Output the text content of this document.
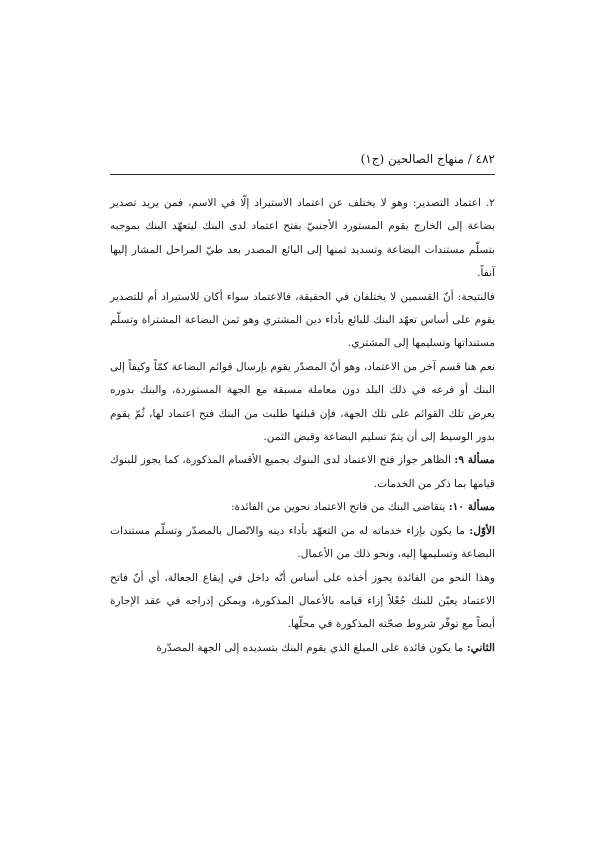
٤٨٢ / منهاج الصالحين (ج١)

٢. اعتماد التصدير: وهو لا يختلف عن اعتماد الاستيراد إلّا في الاسم، فمن يريد تصدير بضاعة إلى الخارج يقوم المستورد الأجنبيّ بفتح اعتماد لدى البنك ليتعهّد البنك بموجبه بتسلّم مستندات البضاعة وتسديد ثمنها إلى البائع المصدر بعد طيّ المراحل المشار إليها آنفاً.

فالنتيجة: أنّ القسمين لا يختلفان في الحقيقة، فالاعتماد سواء أكان للاستيراد أم للتصدير يقوم على أساس تعهّد البنك للبائع بأداء دين المشتري وهو ثمن البضاعة المشتراة وتسلّم مستنداتها وتسليمها إلى المشتري.

نعم هنا قسم آخر من الاعتماد، وهو أنّ المصدّر يقوم بإرسال قوائم البضاعة كمّاً وكيفاً إلى البنك أو فرعه في ذلك البلد دون معاملة مسبقة مع الجهة المستوردة، والبنك بدوره يعرض تلك القوائم على تلك الجهة، فإن قبلتها طلبت من البنك فتح اعتماد لها، ثُمّ يقوم بدور الوسيط إلى أن يتمّ تسليم البضاعة وقبض الثمن.

مسألة ٩: الظاهر جواز فتح الاعتماد لدى البنوك بجميع الأقسام المذكورة، كما يجوز للبنوك قيامها بما ذكر من الخدمات.

مسألة ١٠: يتقاضى البنك من فاتح الاعتماد نحوين من الفائدة:

الأوّل: ما يكون بإزاء خدماته له من التعهّد بأداء دينه والاتّصال بالمصدّر وتسلّم مستندات البضاعة وتسليمها إليه، ونحو ذلك من الأعمال.

وهذا النحو من الفائدة يجوز أخذه على أساس أنّه داخل في إيقاع الجعالة، أي أنّ فاتح الاعتماد يعيّن للبنك جُعْلاً إزاء قيامه بالأعمال المذكورة، ويمكن إدراجه في عقد الإجارة أيضاً مع توفّر شروط صحّته المذكورة في محلّها.

الثاني: ما يكون فائدة على المبلغ الذي يقوم البنك بتسديده إلى الجهة المصدّرة
